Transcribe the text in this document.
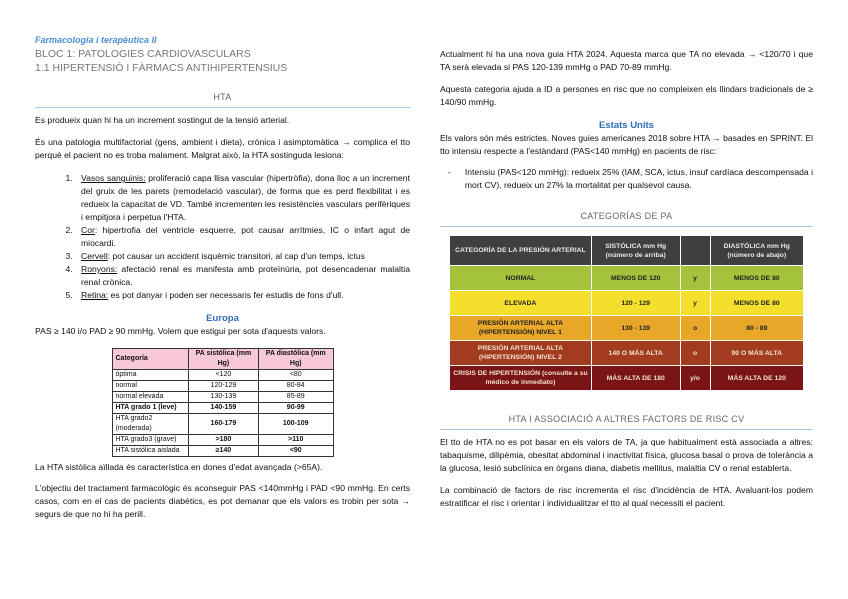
Farmacologia i terapèutica II
BLOC 1: PATOLOGIES CARDIOVASCULARS
1.1 HIPERTENSIÓ I FÀRMACS ANTIHIPERTENSIUS
HTA

Es produeix quan hi ha un increment sostingut de la tensió arterial.

És una patologia multifactorial (gens, ambient i dieta), crònica i asimptomàtica → complica el tto perquè el pacient no es troba malament. Malgrat això, la HTA sostinguda lesiona:

1. Vasos sanguinis: proliferació capa llisa vascular (hipertròfia), dona lloc a un increment del gruix de les parets (remodelació vascular), de forma que es perd flexibilitat i es redueix la capacitat de VD. També incrementen les resistències vasculars perifèriques i empitjora i perpetua l'HTA.
2. Cor: hipertrofia del ventricle esquerre, pot causar arrítmies, IC o infart agut de miocardi.
3. Cervell: pot causar un accident isquèmic transitori, al cap d'un temps, ictus
4. Ronyons: afectació renal es manifesta amb proteïnúria, pot desencadenar malaltia renal crònica.
5. Retina: es pot danyar i poden ser necessaris fer estudis de fons d'ull.
Europa

PAS ≥ 140 i/o PAD ≥ 90 mmHg. Volem que estigui per sota d'aquests valors.

Categoría	PA sistólica (mm Hg)	PA diastólica (mm Hg)
óptima	<120	<80
normal	120-129	80-84
normal elevada	130-139	85-89
HTA grado 1 (leve)	140-159	90-99
HTA grado2 (moderada)	160-179	100-109
HTA grado3 (grave)	>180	>110
HTA sistólica aislada	≥140	<90

La HTA sistòlica aïllada és característica en dones d'edat avançada (>65A).

L'objectiu del tractament farmacològic és aconseguir PAS <140mmHg i PAD <90 mmHg. En certs casos, com en el cas de pacients diabètics, es pot demanar que els valors es trobin per sota → segurs de que no hi ha perill.

Actualment hi ha una nova guia HTA 2024. Aquesta marca que TA no elevada → <120/70 i que TA serà elevada si PAS 120-139 mmHg o PAD 70-89 mmHg.

Aquesta categoria ajuda a ID a persones en risc que no compleixen els llindars tradicionals de ≥ 140/90 mmHg.

Estats Units

Els valors són més estrictes. Noves guies americanes 2018 sobre HTA → basades en SPRINT. El tto intensiu respecte a l'estàndard (PAS<140 mmHg) en pacients de risc:

- Intensiu (PAS<120 mmHg): redueix 25% (IAM, SCA, ictus, insuf cardíaca descompensada i mort CV), redueix un 27% la mortalitat per qualsevol causa.

CATEGORÍAS DE PA
CATEGORÍA DE LA PRESIÓN ARTERIAL	SISTÓLICA mm Hg (número de arriba)		DIASTÓLICA mm Hg (número de abajo)
NORMAL	MENOS DE 120	y	MENOS DE 80
ELEVADA	120 - 129	y	MENOS DE 80
PRESIÓN ARTERIAL ALTA (HIPERTENSIÓN) NIVEL 1	130 - 139	o	80 - 89
PRESIÓN ARTERIAL ALTA (HIPERTENSIÓN) NIVEL 2	140 O MÁS ALTA	o	90 O MÁS ALTA
CRISIS DE HIPERTENSIÓN (consulte a su médico de inmediato)	MÁS ALTA DE 180	y/o	MÁS ALTA DE 120
HTA I ASSOCIACIÓ A ALTRES FACTORS DE RISC CV

El tto de HTA no es pot basar en els valors de TA, ja que habitualment està associada a altres: tabaquisme, dilipèmia, obesitat abdominal i inactivitat física, glucosa basal o prova de tolerància a la glucosa, lesió subclínica en òrgans diana, diabetis mellitus, malaltia CV o renal establerta.

La combinació de factors de risc incrementa el risc d'incidència de HTA. Avaluant-los podem estratificar el risc i orientar i individualitzar el tto al qual necessiti el pacient.
